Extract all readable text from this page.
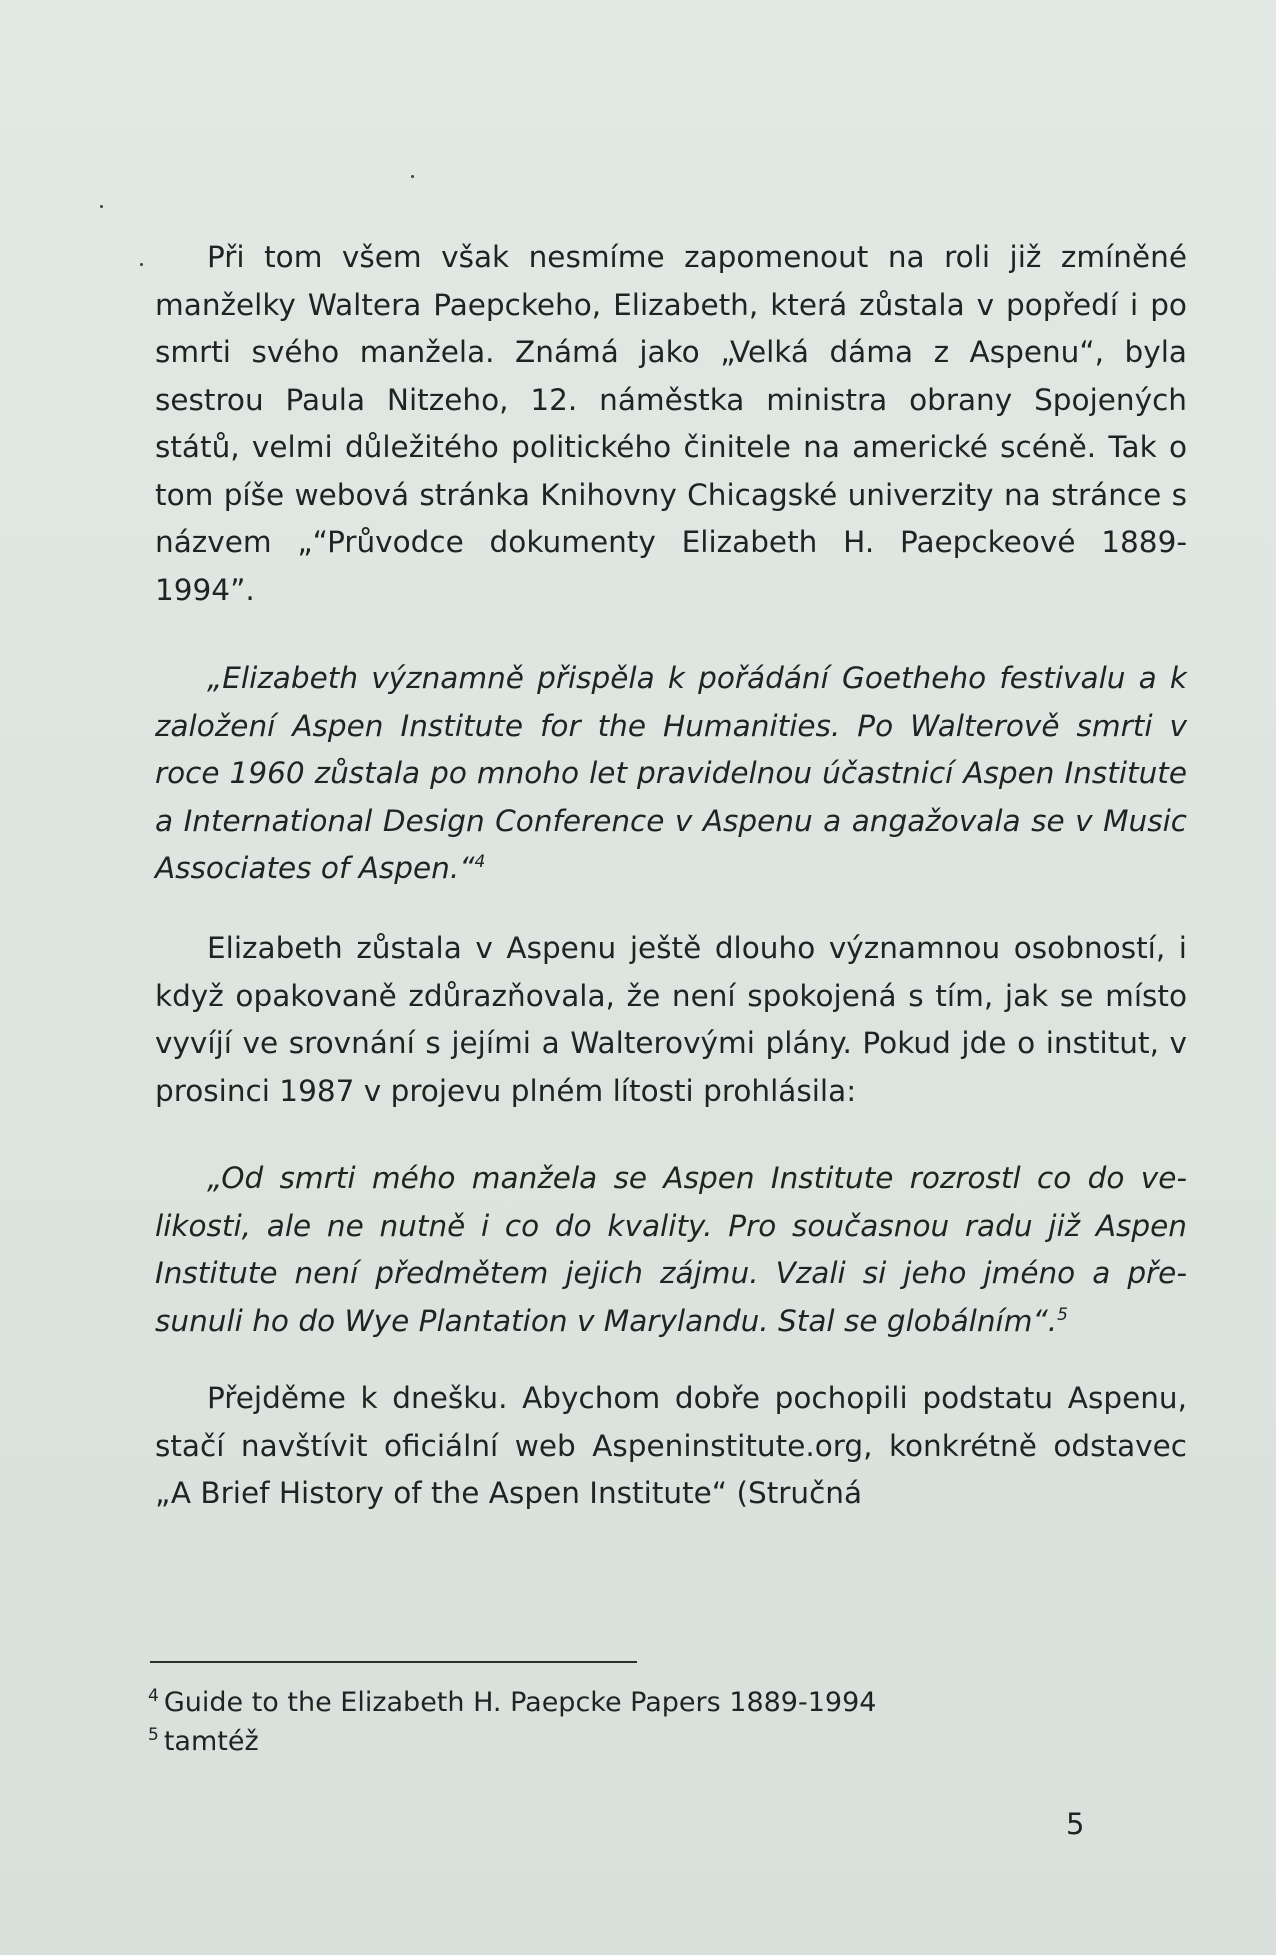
Při tom všem však nesmíme zapomenout na roli již zmíněné manželky Waltera Paepckeho, Elizabeth, která zůstala v popředí i po smrti svého manžela. Známá jako „Velká dáma z Aspenu“, byla sestrou Paula Nitzeho, 12. náměstka ministra obrany Spojených států, velmi důležitého politického činitele na americké scéně. Tak o tom píše webová stránka Knihovny Chicagské univerzity na stránce s názvem „“Průvodce dokumenty Elizabeth H. Paepckeové 1889-1994”.

„Elizabeth významně přispěla k pořádání Goetheho festivalu a k založení Aspen Institute for the Humanities. Po Walterově smrti v roce 1960 zůstala po mnoho let pravidelnou účastnicí Aspen Institute a International Design Conference v Aspenu a angažovala se v Music Associates of Aspen.“$^4$

Elizabeth zůstala v Aspenu ještě dlouho významnou osobností, i když opakovaně zdůrazňovala, že není spokojená s tím, jak se místo vyvíjí ve srovnání s jejími a Walterovými plány. Pokud jde o institut, v prosinci 1987 v projevu plném lítosti prohlásila:

„Od smrti mého manžela se Aspen Institute rozrostl co do velikosti, ale ne nutně i co do kvality. Pro současnou radu již Aspen Institute není předmětem jejich zájmu. Vzali si jeho jméno a přesunuli ho do Wye Plantation v Marylandu. Stal se globálním“.$^5$

Přejděme k dnešku. Abychom dobře pochopili podstatu Aspenu, stačí navštívit oficiální web Aspeninstitute.org, konkrétně odstavec „A Brief History of the Aspen Institute“ (Stručná

$^4$ Guide to the Elizabeth H. Paepcke Papers 1889-1994
$^5$ tamtéž
5
